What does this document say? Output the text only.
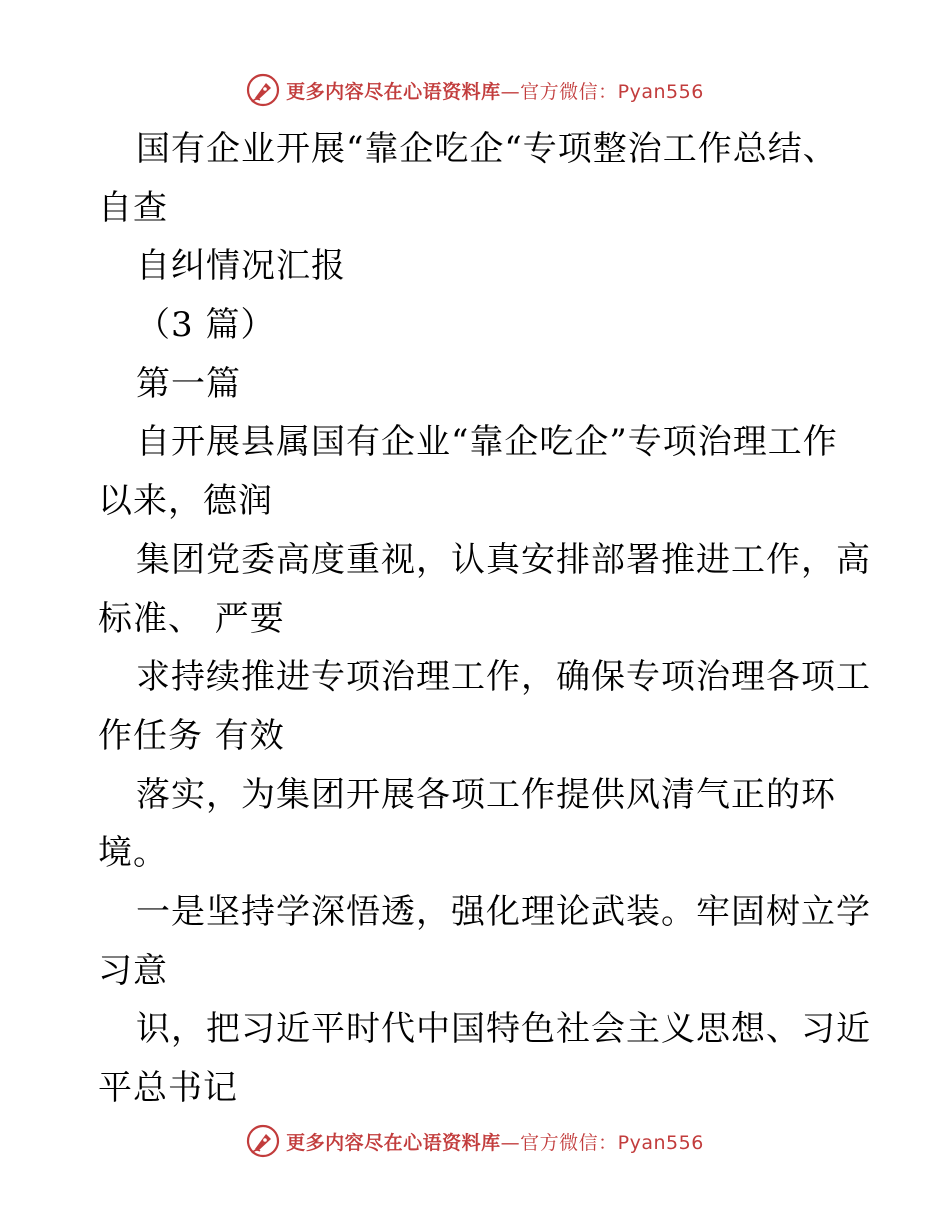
更多内容尽在心语资料库—官方微信：Pyan556
国有企业开展“靠企吃企“专项整治工作总结、
自查
自纠情况汇报
（3 篇）
第一篇
自开展县属国有企业“靠企吃企”专项治理工作
以来，德润
集团党委高度重视，认真安排部署推进工作，高
标准、 严要
求持续推进专项治理工作，确保专项治理各项工
作任务 有效
落实，为集团开展各项工作提供风清气正的环
境。
一是坚持学深悟透，强化理论武装。牢固树立学
习意
识，把习近平时代中国特色社会主义思想、习近
平总书记
更多内容尽在心语资料库—官方微信：Pyan556
